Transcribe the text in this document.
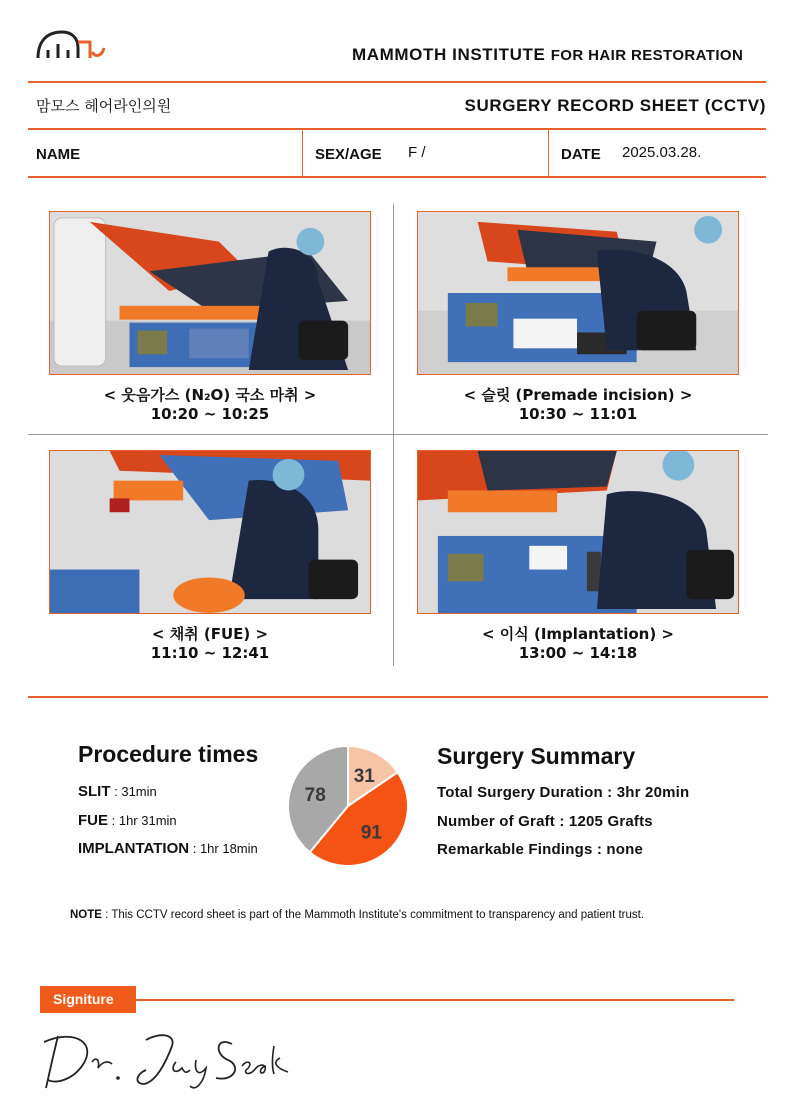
MAMMOTH INSTITUTE FOR HAIR RESTORATION
맘모스 헤어라인의원	SURGERY RECORD SHEET (CCTV)
NAME	SEX/AGE F /	DATE 2025.03.28.
< 웃음가스 (N₂O) 국소 마취 >
10:20 ~ 10:25
< 슬릿 (Premade incision) >
10:30 ~ 11:01
< 채취 (FUE) >
11:10 ~ 12:41
< 이식 (Implantation) >
13:00 ~ 14:18
Procedure times
SLIT : 31min
FUE : 1hr 31min
IMPLANTATION : 1hr 18min
31
91
78
Surgery Summary
Total Surgery Duration : 3hr 20min
Number of Graft : 1205 Grafts
Remarkable Findings : none
NOTE : This CCTV record sheet is part of the Mammoth Institute's commitment to transparency and patient trust.
Signiture
